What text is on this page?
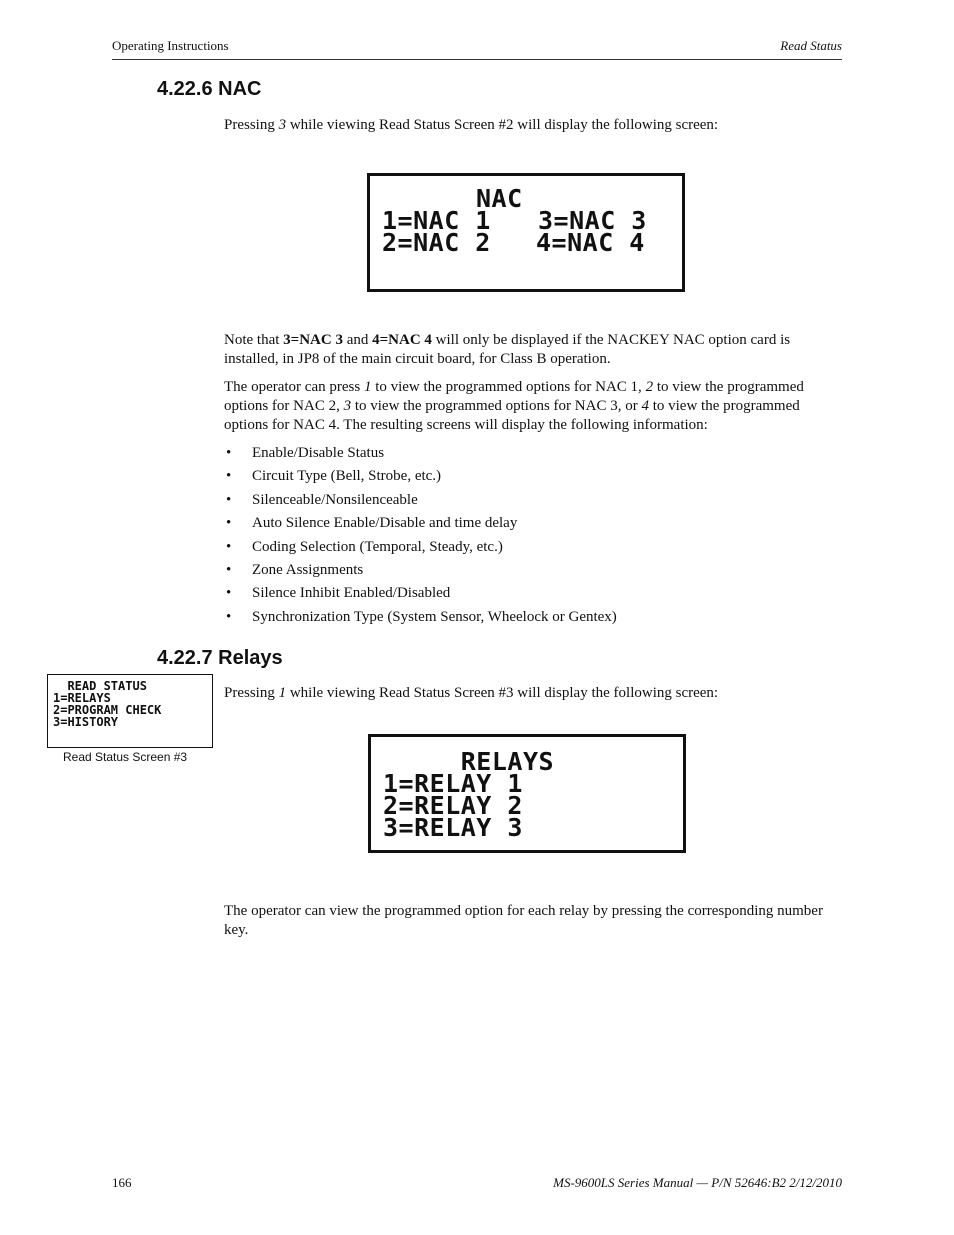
Operating Instructions	Read Status
4.22.6 NAC
Pressing 3 while viewing Read Status Screen #2 will display the following screen:
NAC
1=NAC 1 3=NAC 3
2=NAC 2 4=NAC 4
Note that 3=NAC 3 and 4=NAC 4 will only be displayed if the NACKEY NAC option card is installed, in JP8 of the main circuit board, for Class B operation.
The operator can press 1 to view the programmed options for NAC 1, 2 to view the programmed options for NAC 2, 3 to view the programmed options for NAC 3, or 4 to view the programmed options for NAC 4. The resulting screens will display the following information:
• Enable/Disable Status
• Circuit Type (Bell, Strobe, etc.)
• Silenceable/Nonsilenceable
• Auto Silence Enable/Disable and time delay
• Coding Selection (Temporal, Steady, etc.)
• Zone Assignments
• Silence Inhibit Enabled/Disabled
• Synchronization Type (System Sensor, Wheelock or Gentex)
4.22.7 Relays
READ STATUS
1=RELAYS
2=PROGRAM CHECK
3=HISTORY
Read Status Screen #3
Pressing 1 while viewing Read Status Screen #3 will display the following screen:
RELAYS
1=RELAY 1
2=RELAY 2
3=RELAY 3
The operator can view the programmed option for each relay by pressing the corresponding number key.
166	MS-9600LS Series Manual — P/N 52646:B2 2/12/2010
